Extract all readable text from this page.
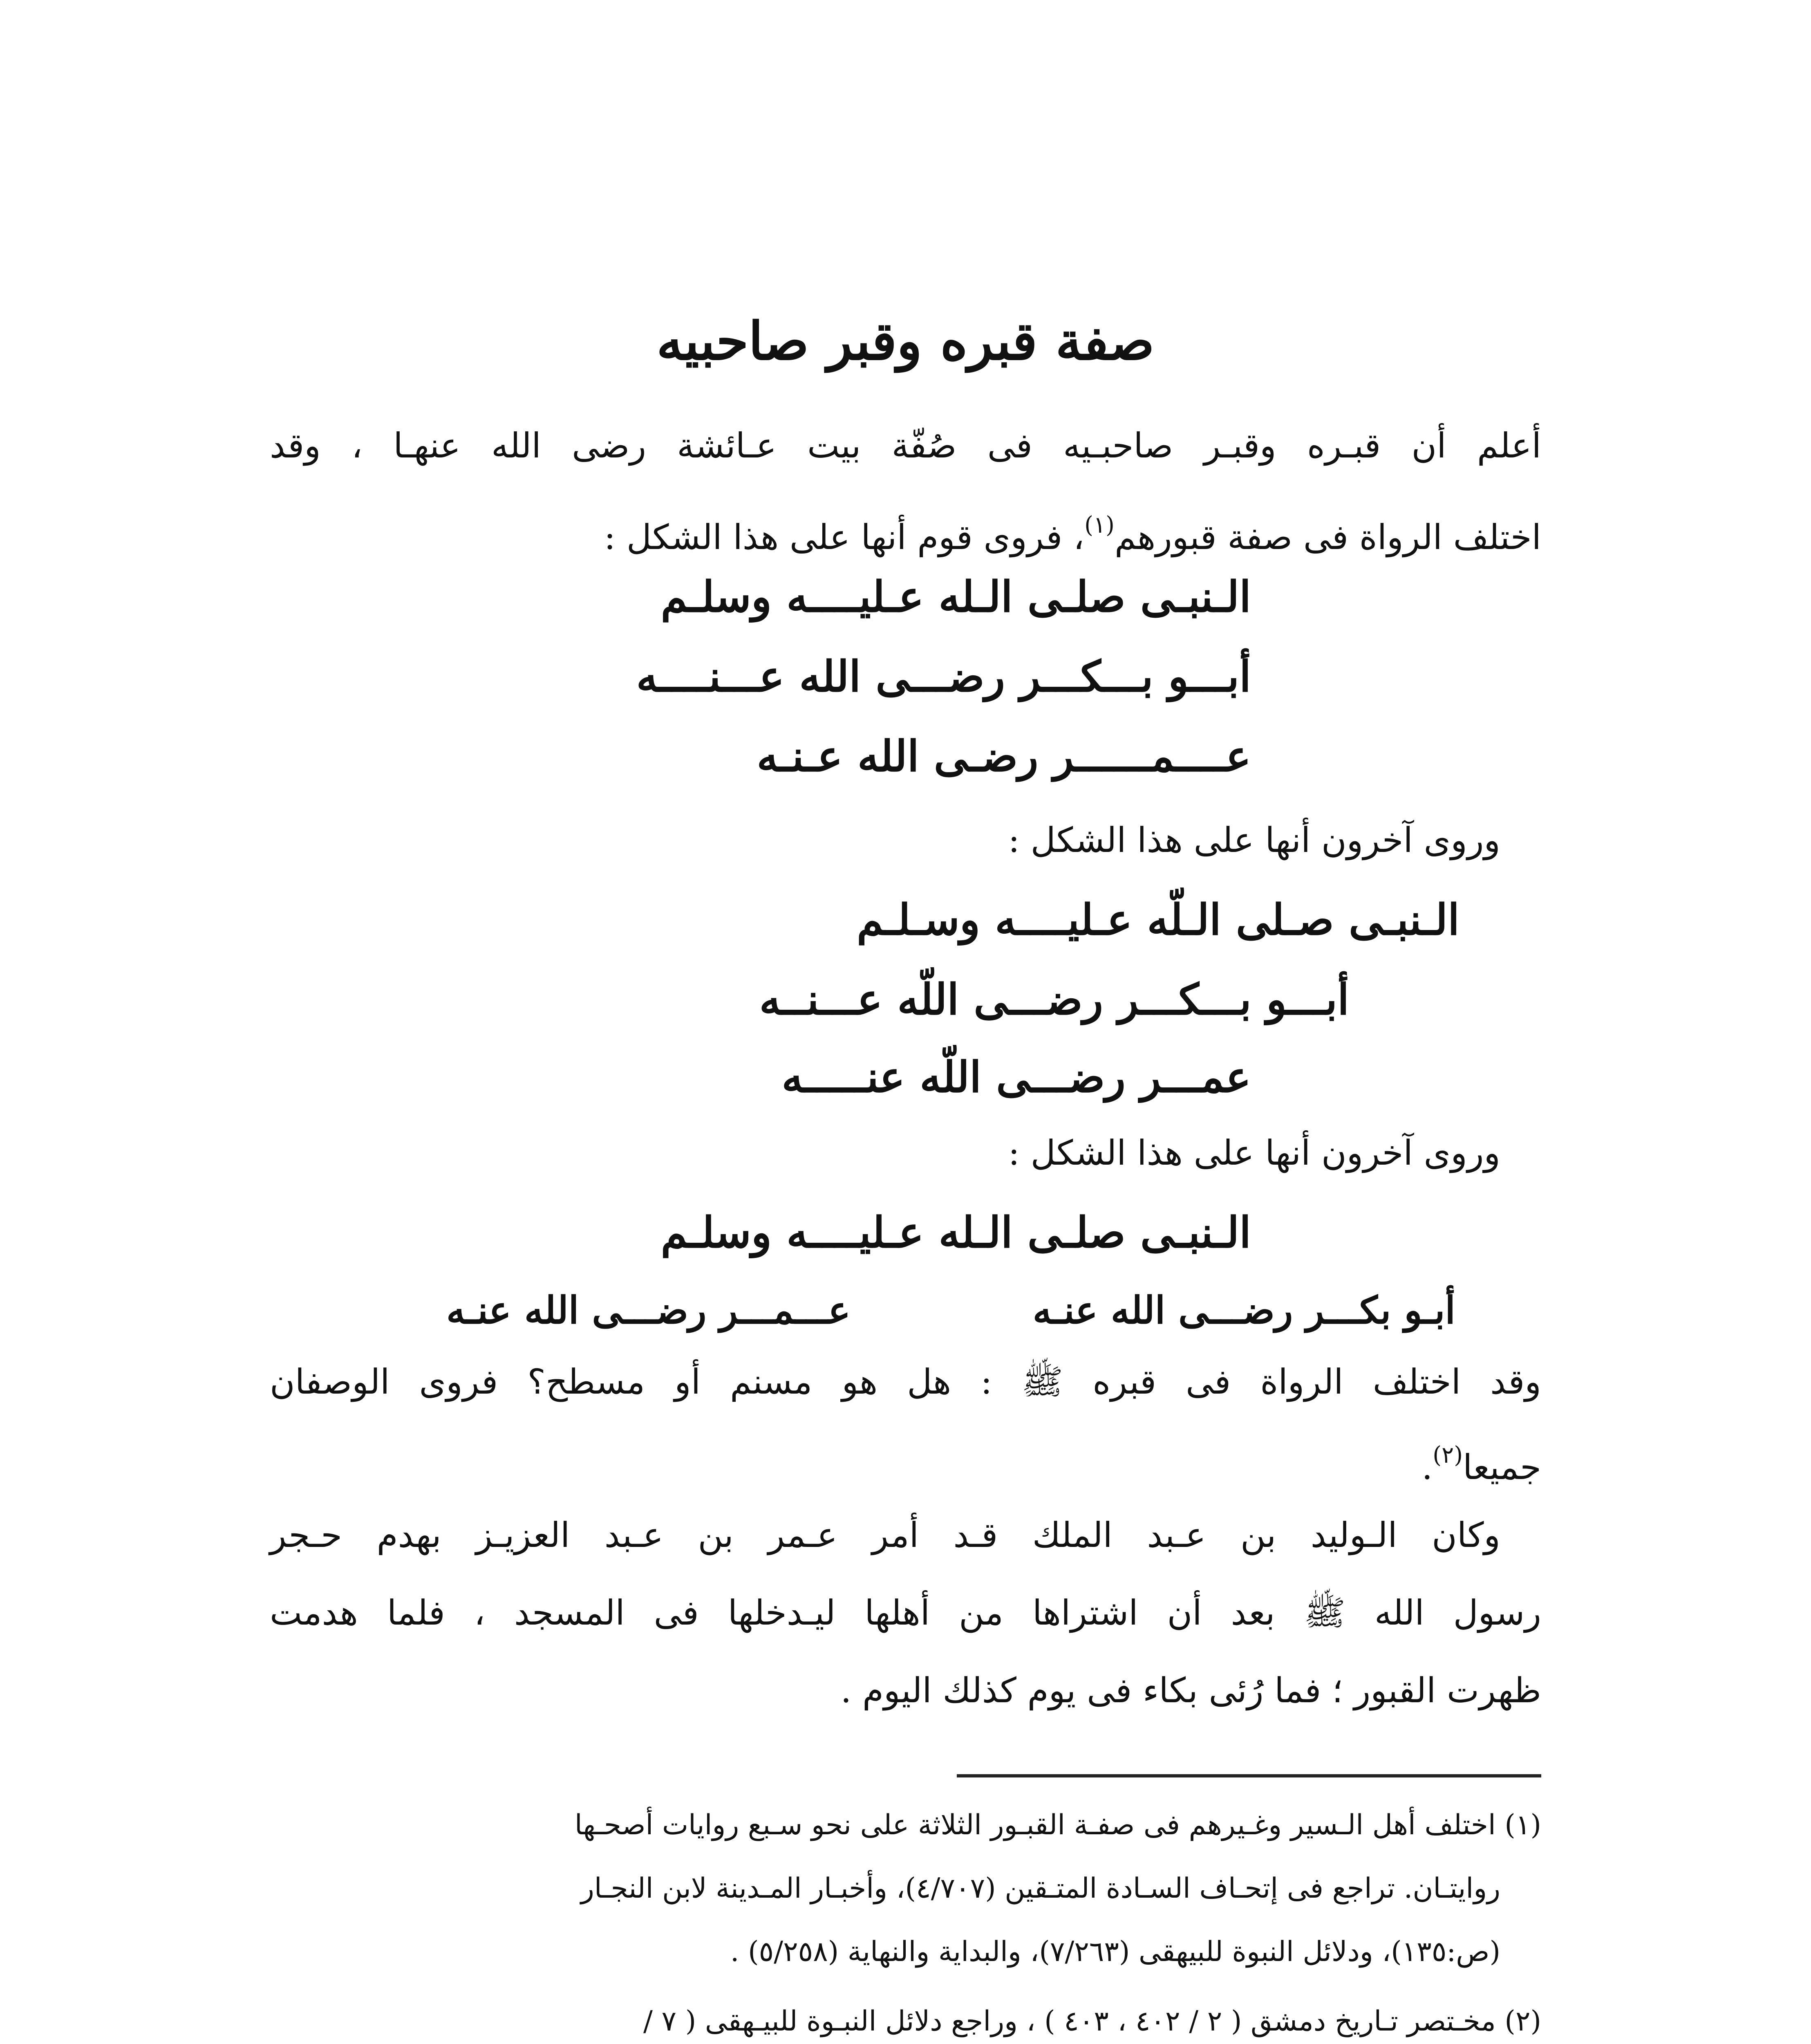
صفة قبره وقبر صاحبيه
أعلم أن قبـره وقبـر صاحبـيه فى صُفّة بيت عـائشة رضى الله عنهـا ، وقد
اختلف الرواة فى صفة قبورهم$^{(١)}$، فروى قوم أنها على هذا الشكل :
الـنبـى صلـى الـله عـليــــه وسلـم
أبـــو بـــكـــر رضـــى الله عـــنــــه
عــــمــــــر رضـى الله عـنـه
وروى آخرون أنها على هذا الشكل :
الـنبـى صـلى الـلّه عـليــــه وسـلـم
أبـــو بـــكـــر رضـــى اللّه عـــنــه
عمـــر رضـــى اللّه عنـــــه
وروى آخرون أنها على هذا الشكل :
الـنبـى صلـى الـله عـليــــه وسلـم
أبـو بكـــر رضـــى الله عنـه
عـــمـــر رضـــى الله عنـه
وقد اختلف الرواة فى قبره ﷺ : هل هو مسنم أو مسطح؟ فروى الوصفان
جميعا$^{(٢)}$.
وكان الـوليد بن عـبد الملك قـد أمر عـمر بن عـبد العزيـز بهدم حـجر
رسول الله ﷺ بعد أن اشتراها من أهلها ليـدخلها فى المسجد ، فلما هدمت
ظهرت القبور ؛ فما رُئى بكاء فى يوم كذلك اليوم .
(١) اختلف أهل الـسير وغـيرهم فى صفـة القبـور الثلاثة على نحو سـبع روايات أصحـها
روايتـان. تراجع فى إتحـاف السـادة المتـقين (٤/٧٠٧)، وأخبـار المـدينة لابن النجـار
(ص:١٣٥)، ودلائل النبوة للبيهقى (٧/٢٦٣)، والبداية والنهاية (٥/٢٥٨) .
(٢) مخـتصر تـاريخ دمشق ( ٢ / ٤٠٢ ، ٤٠٣ ) ، وراجع دلائل النبـوة للبيـهقى ( ٧ /
